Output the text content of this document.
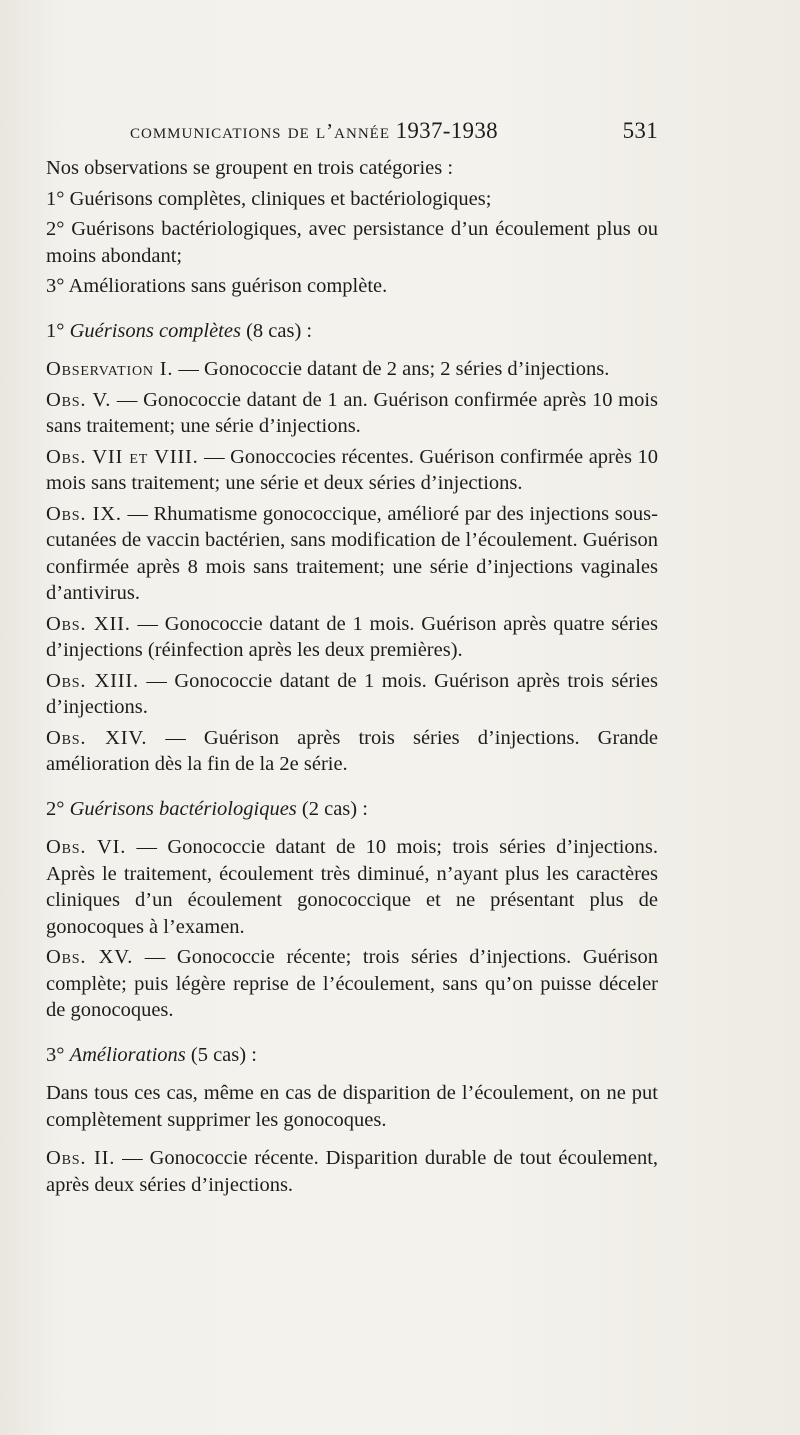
communications de l’année 1937-1938	531

Nos observations se groupent en trois catégories :

1° Guérisons complètes, cliniques et bactériologiques;

2° Guérisons bactériologiques, avec persistance d’un écoulement plus ou moins abondant;

3° Améliorations sans guérison complète.

1° Guérisons complètes (8 cas) :

Observation I. — Gonococcie datant de 2 ans; 2 séries d’injections.

Obs. V. — Gonococcie datant de 1 an. Guérison confirmée après 10 mois sans traitement; une série d’injections.

Obs. VII et VIII. — Gonoccocies récentes. Guérison confirmée après 10 mois sans traitement; une série et deux séries d’injections.

Obs. IX. — Rhumatisme gonococcique, amélioré par des injections sous-cutanées de vaccin bactérien, sans modification de l’écoulement. Guérison confirmée après 8 mois sans traitement; une série d’injections vaginales d’antivirus.

Obs. XII. — Gonococcie datant de 1 mois. Guérison après quatre séries d’injections (réinfection après les deux premières).

Obs. XIII. — Gonococcie datant de 1 mois. Guérison après trois séries d’injections.

Obs. XIV. — Guérison après trois séries d’injections. Grande amélioration dès la fin de la 2e série.

2° Guérisons bactériologiques (2 cas) :

Obs. VI. — Gonococcie datant de 10 mois; trois séries d’injections. Après le traitement, écoulement très diminué, n’ayant plus les caractères cliniques d’un écoulement gonococcique et ne présentant plus de gonocoques à l’examen.

Obs. XV. — Gonococcie récente; trois séries d’injections. Guérison complète; puis légère reprise de l’écoulement, sans qu’on puisse déceler de gonocoques.

3° Améliorations (5 cas) :

Dans tous ces cas, même en cas de disparition de l’écoulement, on ne put complètement supprimer les gonocoques.

Obs. II. — Gonococcie récente. Disparition durable de tout écoulement, après deux séries d’injections.
